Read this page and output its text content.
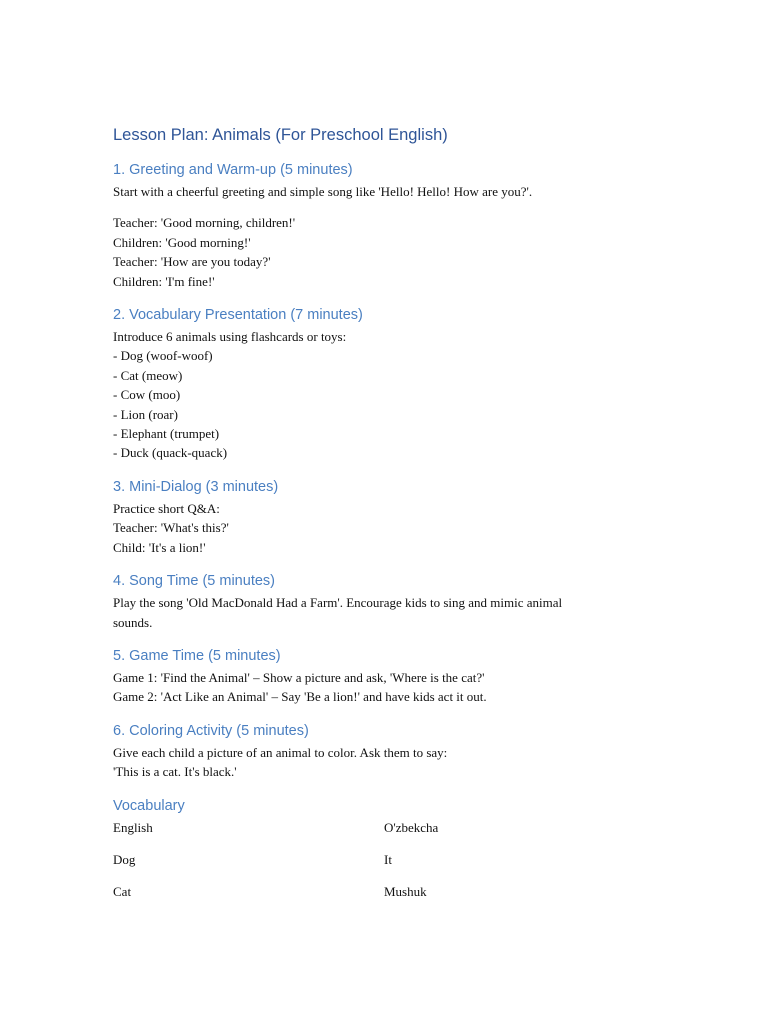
Lesson Plan: Animals (For Preschool English)
1. Greeting and Warm-up (5 minutes)

Start with a cheerful greeting and simple song like 'Hello! Hello! How are you?'.

Teacher: 'Good morning, children!'

Children: 'Good morning!'

Teacher: 'How are you today?'

Children: 'I'm fine!'

2. Vocabulary Presentation (7 minutes)

Introduce 6 animals using flashcards or toys:

- Dog (woof-woof)

- Cat (meow)

- Cow (moo)

- Lion (roar)

- Elephant (trumpet)

- Duck (quack-quack)

3. Mini-Dialog (3 minutes)

Practice short Q&A:

Teacher: 'What's this?'

Child: 'It's a lion!'

4. Song Time (5 minutes)

Play the song 'Old MacDonald Had a Farm'. Encourage kids to sing and mimic animal

sounds.

5. Game Time (5 minutes)

Game 1: 'Find the Animal' – Show a picture and ask, 'Where is the cat?'

Game 2: 'Act Like an Animal' – Say 'Be a lion!' and have kids act it out.

6. Coloring Activity (5 minutes)

Give each child a picture of an animal to color. Ask them to say:

'This is a cat. It's black.'

Vocabulary
English	O'zbekcha
Dog	It
Cat	Mushuk
